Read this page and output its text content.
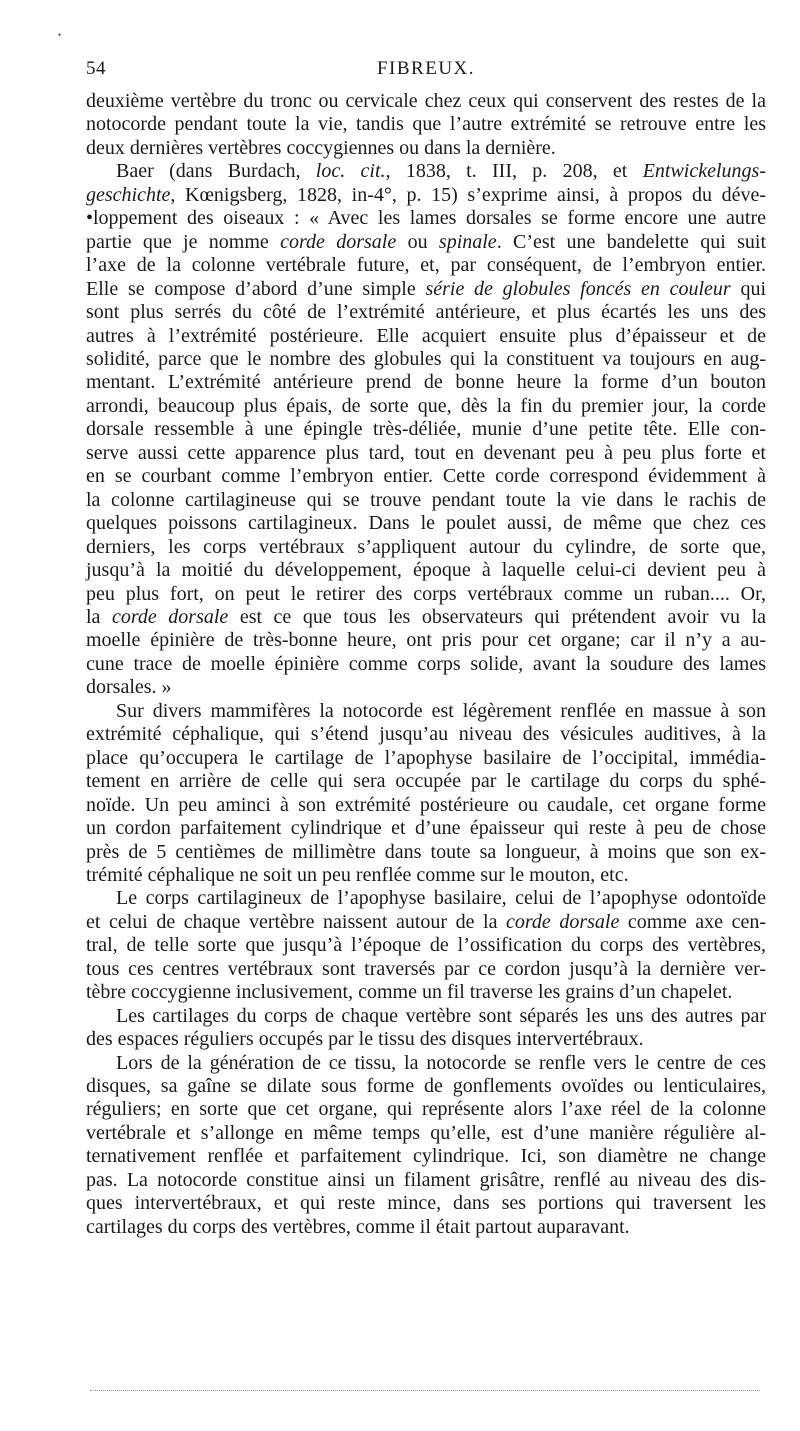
•
54	FIBREUX.

deuxième vertèbre du tronc ou cervicale chez ceux qui conservent des restes de la
notocorde pendant toute la vie, tandis que l’autre extrémité se retrouve entre les
deux dernières vertèbres coccygiennes ou dans la dernière.

Baer (dans Burdach, loc. cit., 1838, t. III, p. 208, et Entwickelungs-
geschichte, Kœnigsberg, 1828, in-4°, p. 15) s’exprime ainsi, à propos du déve-
•loppement des oiseaux : « Avec les lames dorsales se forme encore une autre
partie que je nomme corde dorsale ou spinale. C’est une bandelette qui suit
l’axe de la colonne vertébrale future, et, par conséquent, de l’embryon entier.
Elle se compose d’abord d’une simple série de globules foncés en couleur qui
sont plus serrés du côté de l’extrémité antérieure, et plus écartés les uns des
autres à l’extrémité postérieure. Elle acquiert ensuite plus d’épaisseur et de
solidité, parce que le nombre des globules qui la constituent va toujours en aug-
mentant. L’extrémité antérieure prend de bonne heure la forme d’un bouton
arrondi, beaucoup plus épais, de sorte que, dès la fin du premier jour, la corde
dorsale ressemble à une épingle très-déliée, munie d’une petite tête. Elle con-
serve aussi cette apparence plus tard, tout en devenant peu à peu plus forte et
en se courbant comme l’embryon entier. Cette corde correspond évidemment à
la colonne cartilagineuse qui se trouve pendant toute la vie dans le rachis de
quelques poissons cartilagineux. Dans le poulet aussi, de même que chez ces
derniers, les corps vertébraux s’appliquent autour du cylindre, de sorte que,
jusqu’à la moitié du développement, époque à laquelle celui-ci devient peu à
peu plus fort, on peut le retirer des corps vertébraux comme un ruban.... Or,
la corde dorsale est ce que tous les observateurs qui prétendent avoir vu la
moelle épinière de très-bonne heure, ont pris pour cet organe; car il n’y a au-
cune trace de moelle épinière comme corps solide, avant la soudure des lames
dorsales. »

Sur divers mammifères la notocorde est légèrement renflée en massue à son
extrémité céphalique, qui s’étend jusqu’au niveau des vésicules auditives, à la
place qu’occupera le cartilage de l’apophyse basilaire de l’occipital, immédia-
tement en arrière de celle qui sera occupée par le cartilage du corps du sphé-
noïde. Un peu aminci à son extrémité postérieure ou caudale, cet organe forme
un cordon parfaitement cylindrique et d’une épaisseur qui reste à peu de chose
près de 5 centièmes de millimètre dans toute sa longueur, à moins que son ex-
trémité céphalique ne soit un peu renflée comme sur le mouton, etc.

Le corps cartilagineux de l’apophyse basilaire, celui de l’apophyse odontoïde
et celui de chaque vertèbre naissent autour de la corde dorsale comme axe cen-
tral, de telle sorte que jusqu’à l’époque de l’ossification du corps des vertèbres,
tous ces centres vertébraux sont traversés par ce cordon jusqu’à la dernière ver-
tèbre coccygienne inclusivement, comme un fil traverse les grains d’un chapelet.

Les cartilages du corps de chaque vertèbre sont séparés les uns des autres par
des espaces réguliers occupés par le tissu des disques intervertébraux.

Lors de la génération de ce tissu, la notocorde se renfle vers le centre de ces
disques, sa gaîne se dilate sous forme de gonflements ovoïdes ou lenticulaires,
réguliers; en sorte que cet organe, qui représente alors l’axe réel de la colonne
vertébrale et s’allonge en même temps qu’elle, est d’une manière régulière al-
ternativement renflée et parfaitement cylindrique. Ici, son diamètre ne change
pas. La notocorde constitue ainsi un filament grisâtre, renflé au niveau des dis-
ques intervertébraux, et qui reste mince, dans ses portions qui traversent les
cartilages du corps des vertèbres, comme il était partout auparavant.
